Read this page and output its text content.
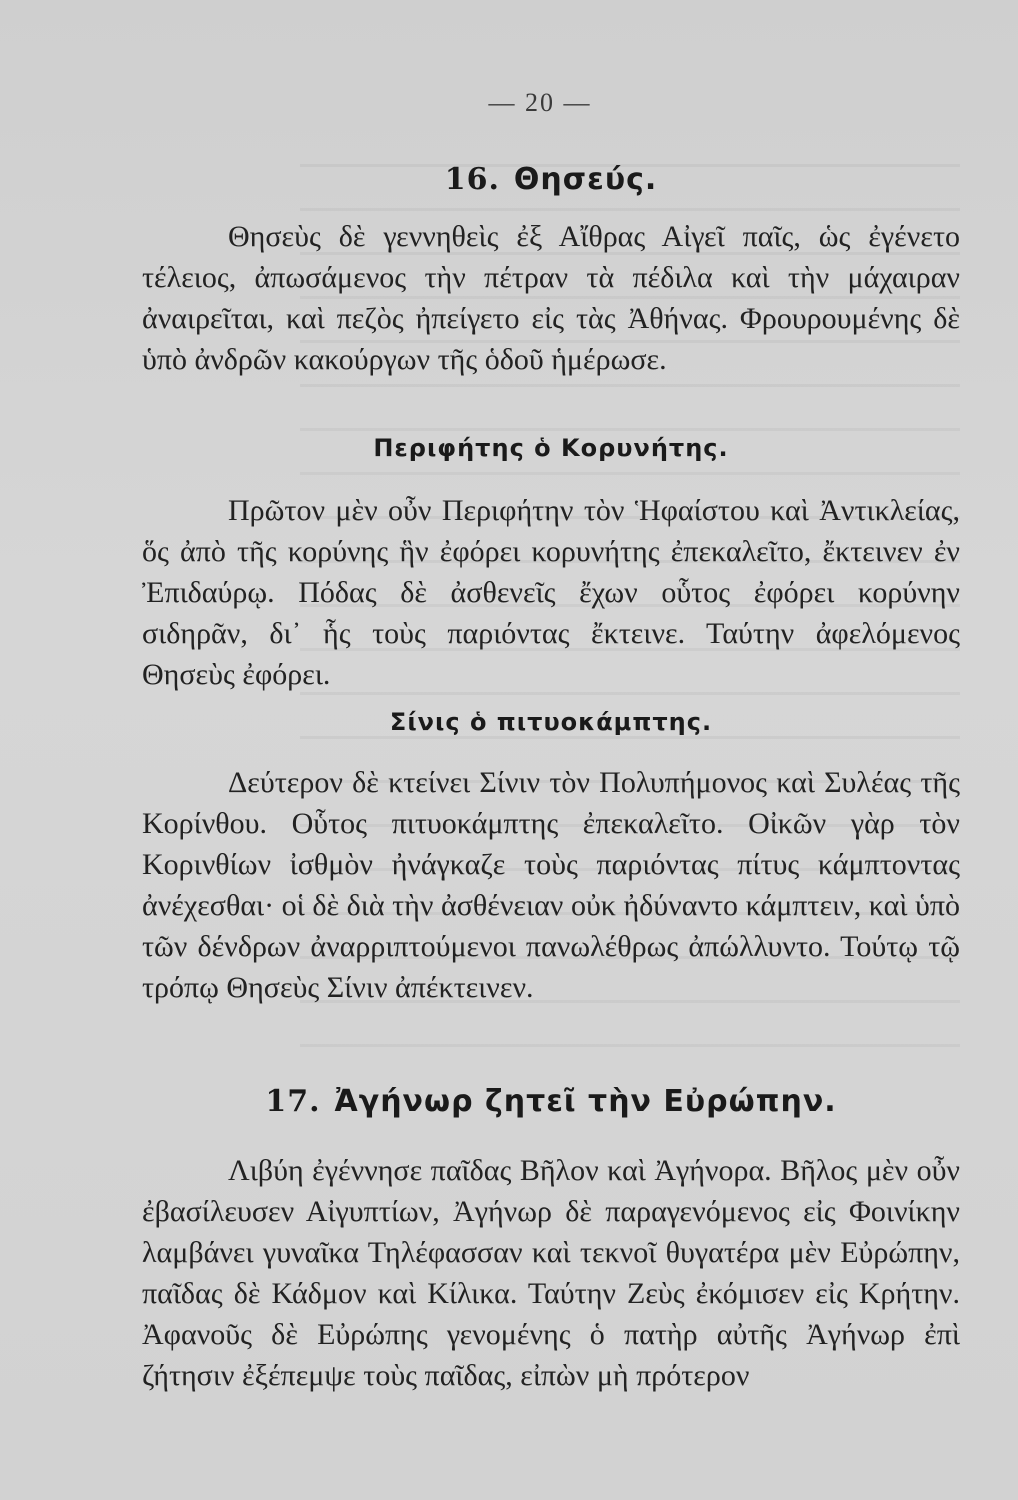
— 20 —
16. Θησεύς.

Θησεὺς δὲ γεννηθεὶς ἐξ Αἴθρας Αἰγεῖ παῖς, ὡς ἐγένετο τέλειος, ἀπωσάμενος τὴν πέτραν τὰ πέδιλα καὶ τὴν μάχαιραν ἀναιρεῖται, καὶ πεζὸς ἠπείγετο εἰς τὰς Ἀθήνας. Φρουρουμένης δὲ ὑπὸ ἀνδρῶν κακούργων τῆς ὁδοῦ ἡμέρωσε.

Περιφήτης ὁ Κορυνήτης.

Πρῶτον μὲν οὖν Περιφήτην τὸν Ἡφαίστου καὶ Ἀντικλείας, ὅς ἀπὸ τῆς κορύνης ἣν ἐφόρει κορυνήτης ἐπεκαλεῖτο, ἔκτεινεν ἐν Ἐπιδαύρῳ. Πόδας δὲ ἀσθενεῖς ἔχων οὗτος ἐφόρει κορύνην σιδηρᾶν, δι᾽ ἧς τοὺς παριόντας ἔκτεινε. Ταύτην ἀφελόμενος Θησεὺς ἐφόρει.

Σίνις ὁ πιτυοκάμπτης.

Δεύτερον δὲ κτείνει Σίνιν τὸν Πολυπήμονος καὶ Συλέας τῆς Κορίνθου. Οὗτος πιτυοκάμπτης ἐπεκαλεῖτο. Οἰκῶν γὰρ τὸν Κορινθίων ἰσθμὸν ἠνάγκαζε τοὺς παριόντας πίτυς κάμπτοντας ἀνέχεσθαι· οἱ δὲ διὰ τὴν ἀσθένειαν οὐκ ἠδύναντο κάμπτειν, καὶ ὑπὸ τῶν δένδρων ἀναρριπτούμενοι πανωλέθρως ἀπώλλυντο. Τούτῳ τῷ τρόπῳ Θησεὺς Σίνιν ἀπέκτεινεν.

17. Ἀγήνωρ ζητεῖ τὴν Εὐρώπην.

Λιβύη ἐγέννησε παῖδας Βῆλον καὶ Ἀγήνορα. Βῆλος μὲν οὖν ἐβασίλευσεν Αἰγυπτίων, Ἀγήνωρ δὲ παραγενόμενος εἰς Φοινίκην λαμβάνει γυναῖκα Τηλέφασσαν καὶ τεκνοῖ θυγατέρα μὲν Εὐρώπην, παῖδας δὲ Κάδμον καὶ Κίλικα. Ταύτην Ζεὺς ἐκόμισεν εἰς Κρήτην. Ἀφανοῦς δὲ Εὐρώπης γενομένης ὁ πατὴρ αὐτῆς Ἀγήνωρ ἐπὶ ζήτησιν ἐξέπεμψε τοὺς παῖδας, εἰπὼν μὴ πρότερον
